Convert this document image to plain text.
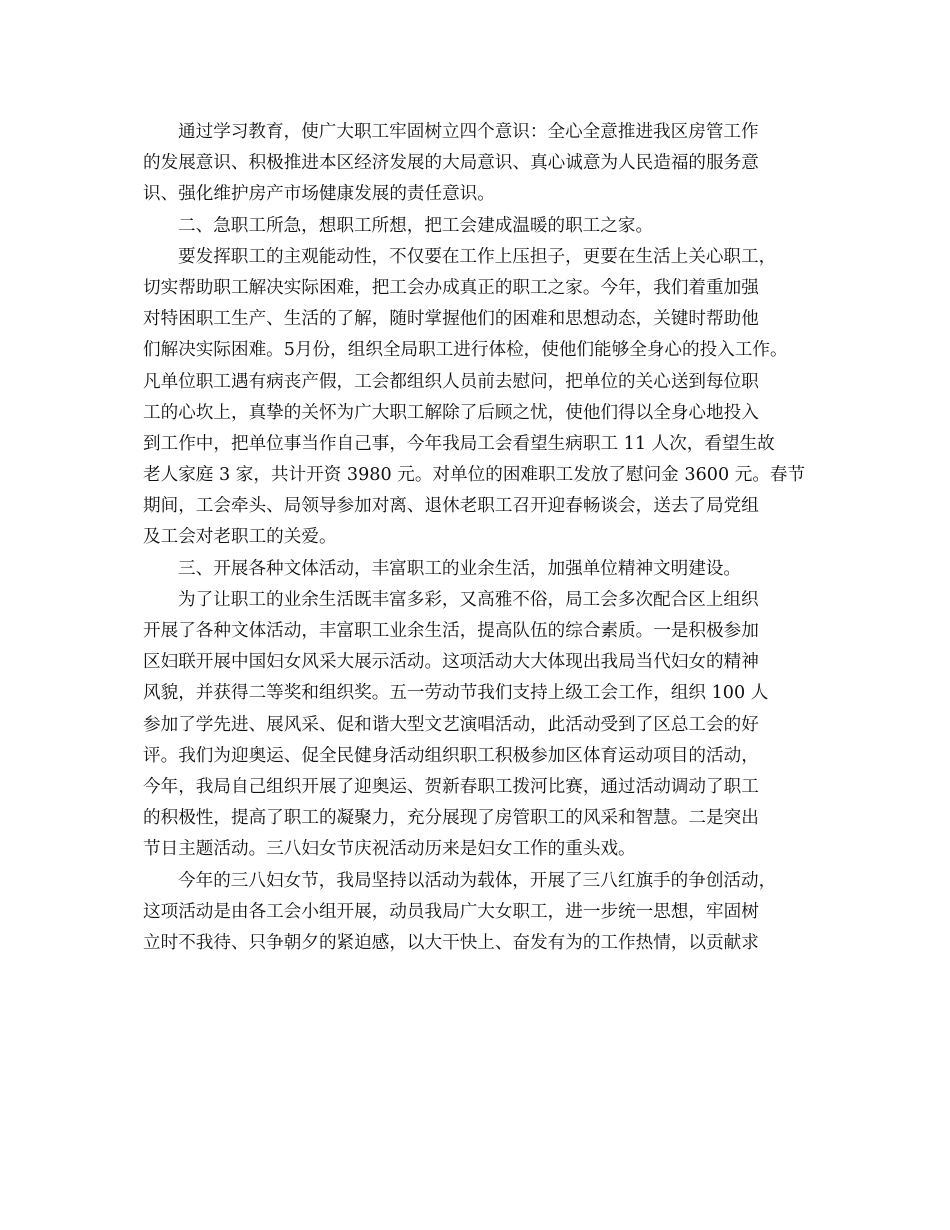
通过学习教育，使广大职工牢固树立四个意识：全心全意推进我区房管工作
的发展意识、积极推进本区经济发展的大局意识、真心诚意为人民造福的服务意
识、强化维护房产市场健康发展的责任意识。
二、急职工所急，想职工所想，把工会建成温暖的职工之家。
要发挥职工的主观能动性，不仅要在工作上压担子，更要在生活上关心职工，
切实帮助职工解决实际困难，把工会办成真正的职工之家。今年，我们着重加强
对特困职工生产、生活的了解，随时掌握他们的困难和思想动态，关键时帮助他
们解决实际困难。5月份，组织全局职工进行体检，使他们能够全身心的投入工作。
凡单位职工遇有病丧产假，工会都组织人员前去慰问，把单位的关心送到每位职
工的心坎上，真挚的关怀为广大职工解除了后顾之忧，使他们得以全身心地投入
到工作中，把单位事当作自己事，今年我局工会看望生病职工 11 人次，看望生故
老人家庭 3 家，共计开资 3980 元。对单位的困难职工发放了慰问金 3600 元。春节
期间，工会牵头、局领导参加对离、退休老职工召开迎春畅谈会，送去了局党组
及工会对老职工的关爱。
三、开展各种文体活动，丰富职工的业余生活，加强单位精神文明建设。
为了让职工的业余生活既丰富多彩，又高雅不俗，局工会多次配合区上组织
开展了各种文体活动，丰富职工业余生活，提高队伍的综合素质。一是积极参加
区妇联开展中国妇女风采大展示活动。这项活动大大体现出我局当代妇女的精神
风貌，并获得二等奖和组织奖。五一劳动节我们支持上级工会工作，组织 100 人
参加了学先进、展风采、促和谐大型文艺演唱活动，此活动受到了区总工会的好
评。我们为迎奥运、促全民健身活动组织职工积极参加区体育运动项目的活动，
今年，我局自己组织开展了迎奥运、贺新春职工拨河比赛，通过活动调动了职工
的积极性，提高了职工的凝聚力，充分展现了房管职工的风采和智慧。二是突出
节日主题活动。三八妇女节庆祝活动历来是妇女工作的重头戏。
今年的三八妇女节，我局坚持以活动为载体，开展了三八红旗手的争创活动，
这项活动是由各工会小组开展，动员我局广大女职工，进一步统一思想，牢固树
立时不我待、只争朝夕的紧迫感，以大干快上、奋发有为的工作热情，以贡献求
